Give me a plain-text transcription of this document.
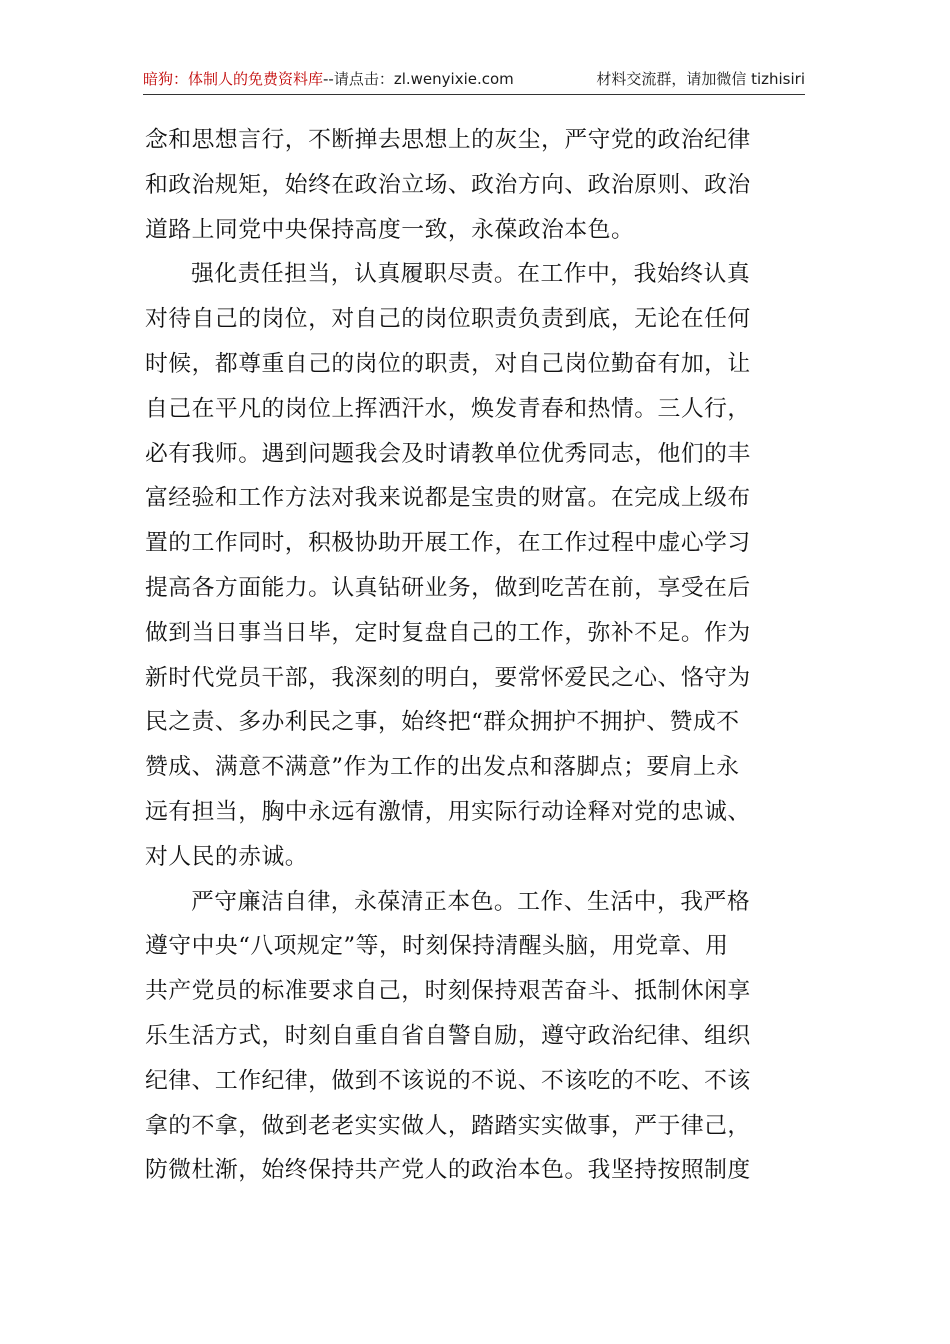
暗狗：体制人的免费资料库--请点击：zl.wenyixie.com	材料交流群，请加微信 tizhisiri
念和思想言行，不断掸去思想上的灰尘，严守党的政治纪律
和政治规矩，始终在政治立场、政治方向、政治原则、政治
道路上同党中央保持高度一致，永葆政治本色。
强化责任担当，认真履职尽责。在工作中，我始终认真
对待自己的岗位，对自己的岗位职责负责到底，无论在任何
时候，都尊重自己的岗位的职责，对自己岗位勤奋有加，让
自己在平凡的岗位上挥洒汗水，焕发青春和热情。三人行，
必有我师。遇到问题我会及时请教单位优秀同志，他们的丰
富经验和工作方法对我来说都是宝贵的财富。在完成上级布
置的工作同时，积极协助开展工作，在工作过程中虚心学习
提高各方面能力。认真钻研业务，做到吃苦在前，享受在后
做到当日事当日毕，定时复盘自己的工作，弥补不足。作为
新时代党员干部，我深刻的明白，要常怀爱民之心、恪守为
民之责、多办利民之事，始终把“群众拥护不拥护、赞成不
赞成、满意不满意”作为工作的出发点和落脚点；要肩上永
远有担当，胸中永远有激情，用实际行动诠释对党的忠诚、
对人民的赤诚。
严守廉洁自律，永葆清正本色。工作、生活中，我严格
遵守中央“八项规定”等，时刻保持清醒头脑，用党章、用
共产党员的标准要求自己，时刻保持艰苦奋斗、抵制休闲享
乐生活方式，时刻自重自省自警自励，遵守政治纪律、组织
纪律、工作纪律，做到不该说的不说、不该吃的不吃、不该
拿的不拿，做到老老实实做人，踏踏实实做事，严于律己，
防微杜渐，始终保持共产党人的政治本色。我坚持按照制度
